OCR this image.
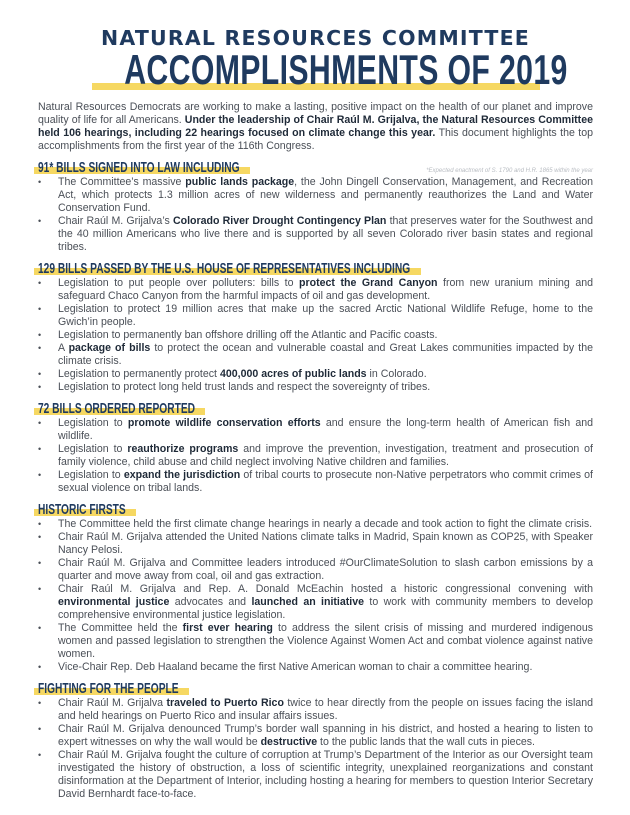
NATURAL RESOURCES COMMITTEE
ACCOMPLISHMENTS OF 2019

Natural Resources Democrats are working to make a lasting, positive impact on the health of our planet and improve quality of life for all Americans. Under the leadership of Chair Raúl M. Grijalva, the Natural Resources Committee held 106 hearings, including 22 hearings focused on climate change this year. This document highlights the top accomplishments from the first year of the 116th Congress.

91* BILLS SIGNED INTO LAW INCLUDING	*Expected enactment of S. 1790 and H.R. 1865 within the year
• The Committee’s massive public lands package, the John Dingell Conservation, Management, and Recreation Act, which protects 1.3 million acres of new wilderness and permanently reauthorizes the Land and Water Conservation Fund.
• Chair Raúl M. Grijalva’s Colorado River Drought Contingency Plan that preserves water for the Southwest and the 40 million Americans who live there and is supported by all seven Colorado river basin states and regional tribes.
129 BILLS PASSED BY THE U.S. HOUSE OF REPRESENTATIVES INCLUDING
• Legislation to put people over polluters: bills to protect the Grand Canyon from new uranium mining and safeguard Chaco Canyon from the harmful impacts of oil and gas development.
• Legislation to protect 19 million acres that make up the sacred Arctic National Wildlife Refuge, home to the Gwich’in people.
• Legislation to permanently ban offshore drilling off the Atlantic and Pacific coasts.
• A package of bills to protect the ocean and vulnerable coastal and Great Lakes communities impacted by the climate crisis.
• Legislation to permanently protect 400,000 acres of public lands in Colorado.
• Legislation to protect long held trust lands and respect the sovereignty of tribes.
72 BILLS ORDERED REPORTED
• Legislation to promote wildlife conservation efforts and ensure the long-term health of American fish and wildlife.
• Legislation to reauthorize programs and improve the prevention, investigation, treatment and prosecution of family violence, child abuse and child neglect involving Native children and families.
• Legislation to expand the jurisdiction of tribal courts to prosecute non-Native perpetrators who commit crimes of sexual violence on tribal lands.
HISTORIC FIRSTS
• The Committee held the first climate change hearings in nearly a decade and took action to fight the climate crisis.
• Chair Raúl M. Grijalva attended the United Nations climate talks in Madrid, Spain known as COP25, with Speaker Nancy Pelosi.
• Chair Raúl M. Grijalva and Committee leaders introduced #OurClimateSolution to slash carbon emissions by a quarter and move away from coal, oil and gas extraction.
• Chair Raúl M. Grijalva and Rep. A. Donald McEachin hosted a historic congressional convening with environmental justice advocates and launched an initiative to work with community members to develop comprehensive environmental justice legislation.
• The Committee held the first ever hearing to address the silent crisis of missing and murdered indigenous women and passed legislation to strengthen the Violence Against Women Act and combat violence against native women.
• Vice-Chair Rep. Deb Haaland became the first Native American woman to chair a committee hearing.
FIGHTING FOR THE PEOPLE
• Chair Raúl M. Grijalva traveled to Puerto Rico twice to hear directly from the people on issues facing the island and held hearings on Puerto Rico and insular affairs issues.
• Chair Raúl M. Grijalva denounced Trump’s border wall spanning in his district, and hosted a hearing to listen to expert witnesses on why the wall would be destructive to the public lands that the wall cuts in pieces.
• Chair Raúl M. Grijalva fought the culture of corruption at Trump’s Department of the Interior as our Oversight team investigated the history of obstruction, a loss of scientific integrity, unexplained reorganizations and constant disinformation at the Department of Interior, including hosting a hearing for members to question Interior Secretary David Bernhardt face-to-face.
